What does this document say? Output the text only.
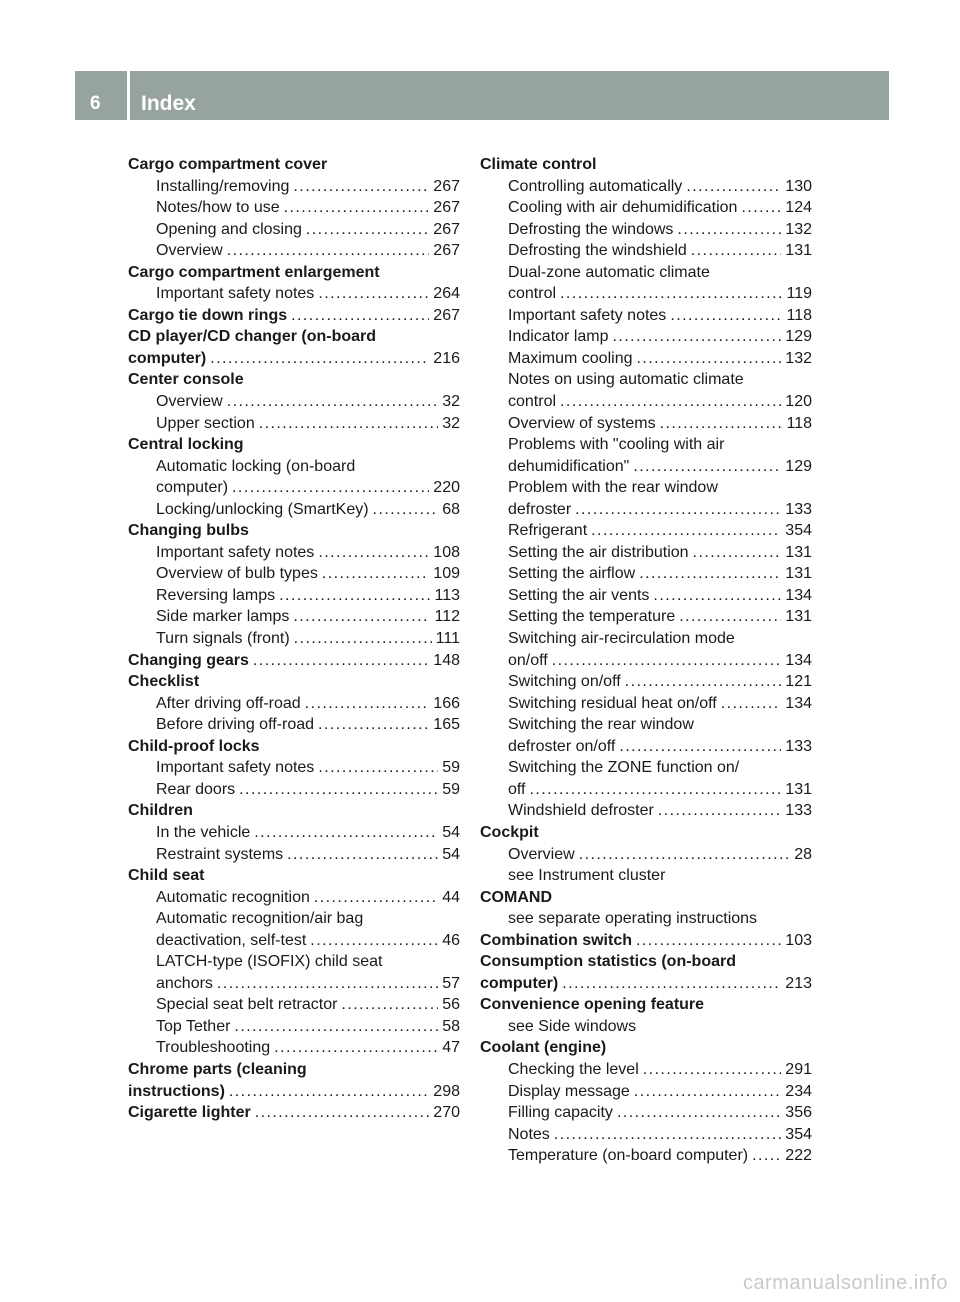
6 Index
Cargo compartment cover
Installing/removing . . .	267
Notes/how to use . . .	267
Opening and closing . . .	267
Overview . . .	267
Cargo compartment enlargement
Important safety notes . . .	264
Cargo tie down rings . . .	267
CD player/CD changer (on-board
computer) . . .	216
Center console
Overview . . .	32
Upper section . . .	32
Central locking
Automatic locking (on-board
computer) . . .	220
Locking/unlocking (SmartKey) . . .	68
Changing bulbs
Important safety notes . . .	108
Overview of bulb types . . .	109
Reversing lamps . . .	113
Side marker lamps . . .	112
Turn signals (front) . . .	111
Changing gears . . .	148
Checklist
After driving off-road . . .	166
Before driving off-road . . .	165
Child-proof locks
Important safety notes . . .	59
Rear doors . . .	59
Children
In the vehicle . . .	54
Restraint systems . . .	54
Child seat
Automatic recognition . . .	44
Automatic recognition/air bag
deactivation, self-test . . .	46
LATCH-type (ISOFIX) child seat
anchors . . .	57
Special seat belt retractor . . .	56
Top Tether . . .	58
Troubleshooting . . .	47
Chrome parts (cleaning
instructions) . . .	298
Cigarette lighter . . .	270
Climate control
Controlling automatically . . .	130
Cooling with air dehumidification . . .	124
Defrosting the windows . . .	132
Defrosting the windshield . . .	131
Dual-zone automatic climate
control . . .	119
Important safety notes . . .	118
Indicator lamp . . .	129
Maximum cooling . . .	132
Notes on using automatic climate
control . . .	120
Overview of systems . . .	118
Problems with "cooling with air
dehumidification" . . .	129
Problem with the rear window
defroster . . .	133
Refrigerant . . .	354
Setting the air distribution . . .	131
Setting the airflow . . .	131
Setting the air vents . . .	134
Setting the temperature . . .	131
Switching air-recirculation mode
on/off . . .	134
Switching on/off . . .	121
Switching residual heat on/off . . .	134
Switching the rear window
defroster on/off . . .	133
Switching the ZONE function on/
off . . .	131
Windshield defroster . . .	133
Cockpit
Overview . . .	28
see Instrument cluster
COMAND
see separate operating instructions
Combination switch . . .	103
Consumption statistics (on-board
computer) . . .	213
Convenience opening feature
see Side windows
Coolant (engine)
Checking the level . . .	291
Display message . . .	234
Filling capacity . . .	356
Notes . . .	354
Temperature (on-board computer) . . . 222
carmanualsonline.info
